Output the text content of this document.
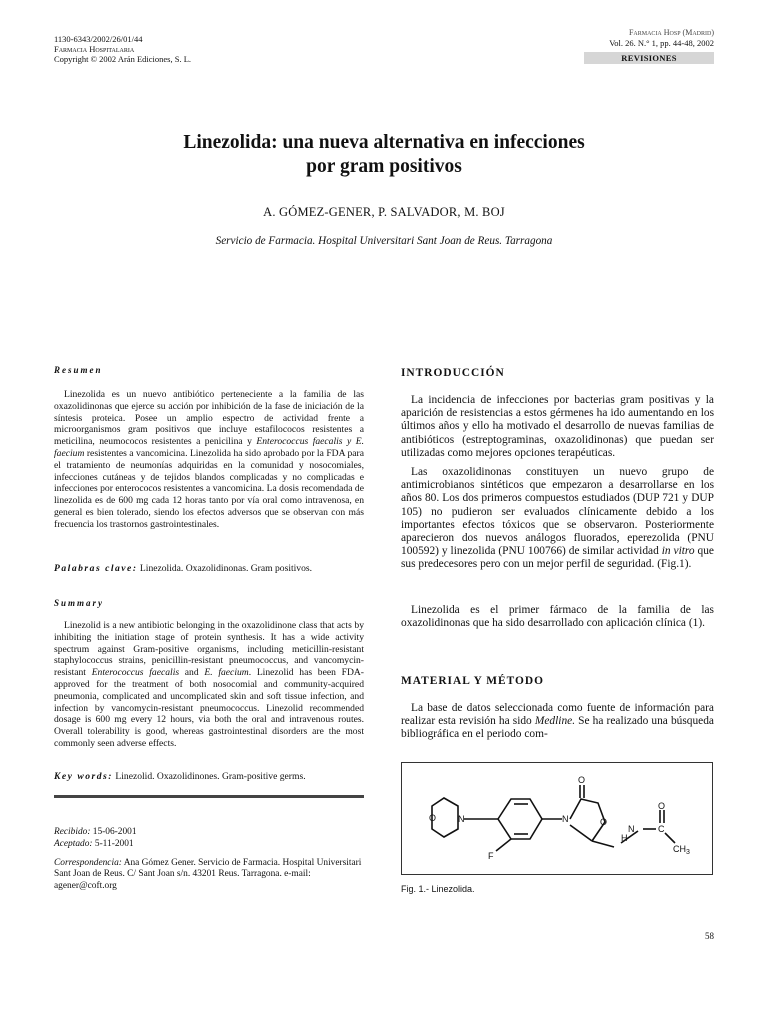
1130-6343/2002/26/01/44
Farmacia Hospitalaria
Copyright © 2002 Arán Ediciones, S. L.
Farmacia Hosp (Madrid)
Vol. 26. N.° 1, pp. 44-48, 2002
REVISIONES
Linezolida: una nueva alternativa en infecciones
por gram positivos
A. GÓMEZ-GENER, P. SALVADOR, M. BOJ
Servicio de Farmacia. Hospital Universitari Sant Joan de Reus. Tarragona
Resumen
Linezolida es un nuevo antibiótico perteneciente a la familia de las oxazolidinonas que ejerce su acción por inhibición de la fase de iniciación de la síntesis proteica. Posee un amplio espectro de actividad frente a microorganismos gram positivos que incluye estafilococos resistentes a meticilina, neumococos resistentes a penicilina y Enterococcus faecalis y E. faecium resistentes a vancomicina. Linezolida ha sido aprobado por la FDA para el tratamiento de neumonías adquiridas en la comunidad y nosocomiales, infecciones cutáneas y de tejidos blandos complicadas y no complicadas e infecciones por enterococos resistentes a vancomicina. La dosis recomendada de linezolida es de 600 mg cada 12 horas tanto por vía oral como intravenosa, en general es bien tolerado, siendo los efectos adversos que se observan con más frecuencia los trastornos gastrointestinales.
Palabras clave: Linezolida. Oxazolidinonas. Gram positivos.
Summary
Linezolid is a new antibiotic belonging in the oxazolidinone class that acts by inhibiting the initiation stage of protein synthesis. It has a wide activity spectrum against Gram-positive organisms, including meticillin-resistant staphylococcus strains, penicillin-resistant pneumococcus, and vancomycin-resistant Enterococcus faecalis and E. faecium. Linezolid has been FDA-approved for the treatment of both nosocomial and community-acquired pneumonia, complicated and uncomplicated skin and soft tissue infection, and infection by vancomycin-resistant pneumococcus. Linezolid recommended dosage is 600 mg every 12 hours, via both the oral and intravenous routes. Overall tolerability is good, whereas gastrointestinal disorders are the most commonly seen adverse effects.
Key words: Linezolid. Oxazolidinones. Gram-positive germs.
Recibido: 15-06-2001
Aceptado: 5-11-2001
Correspondencia: Ana Gómez Gener. Servicio de Farmacia. Hospital Universitari Sant Joan de Reus. C/ Sant Joan s/n. 43201 Reus. Tarragona. e-mail: agener@coft.org
INTRODUCCIÓN
La incidencia de infecciones por bacterias gram positivas y la aparición de resistencias a estos gérmenes ha ido aumentando en los últimos años y ello ha motivado el desarrollo de nuevas familias de antibióticos (estreptograminas, oxazolidinonas) que puedan ser utilizadas como mejores opciones terapéuticas.
Las oxazolidinonas constituyen un nuevo grupo de antimicrobianos sintéticos que empezaron a desarrollarse en los años 80. Los dos primeros compuestos estudiados (DUP 721 y DUP 105) no pudieron ser evaluados clínicamente debido a los importantes efectos tóxicos que se observaron. Posteriormente aparecieron dos nuevos análogos fluorados, eperezolida (PNU 100592) y linezolida (PNU 100766) de similar actividad in vitro que sus predecesores pero con un mejor perfil de seguridad. (Fig.1).
Linezolida es el primer fármaco de la familia de las oxazolidinonas que ha sido desarrollado con aplicación clínica (1).
MATERIAL Y MÉTODO
La base de datos seleccionada como fuente de información para realizar esta revisión ha sido Medline. Se ha realizado una búsqueda bibliográfica en el periodo com-
O N
F
N
O
O
H
N
O
C
$CH_3$
Fig. 1.- Linezolida.
58
